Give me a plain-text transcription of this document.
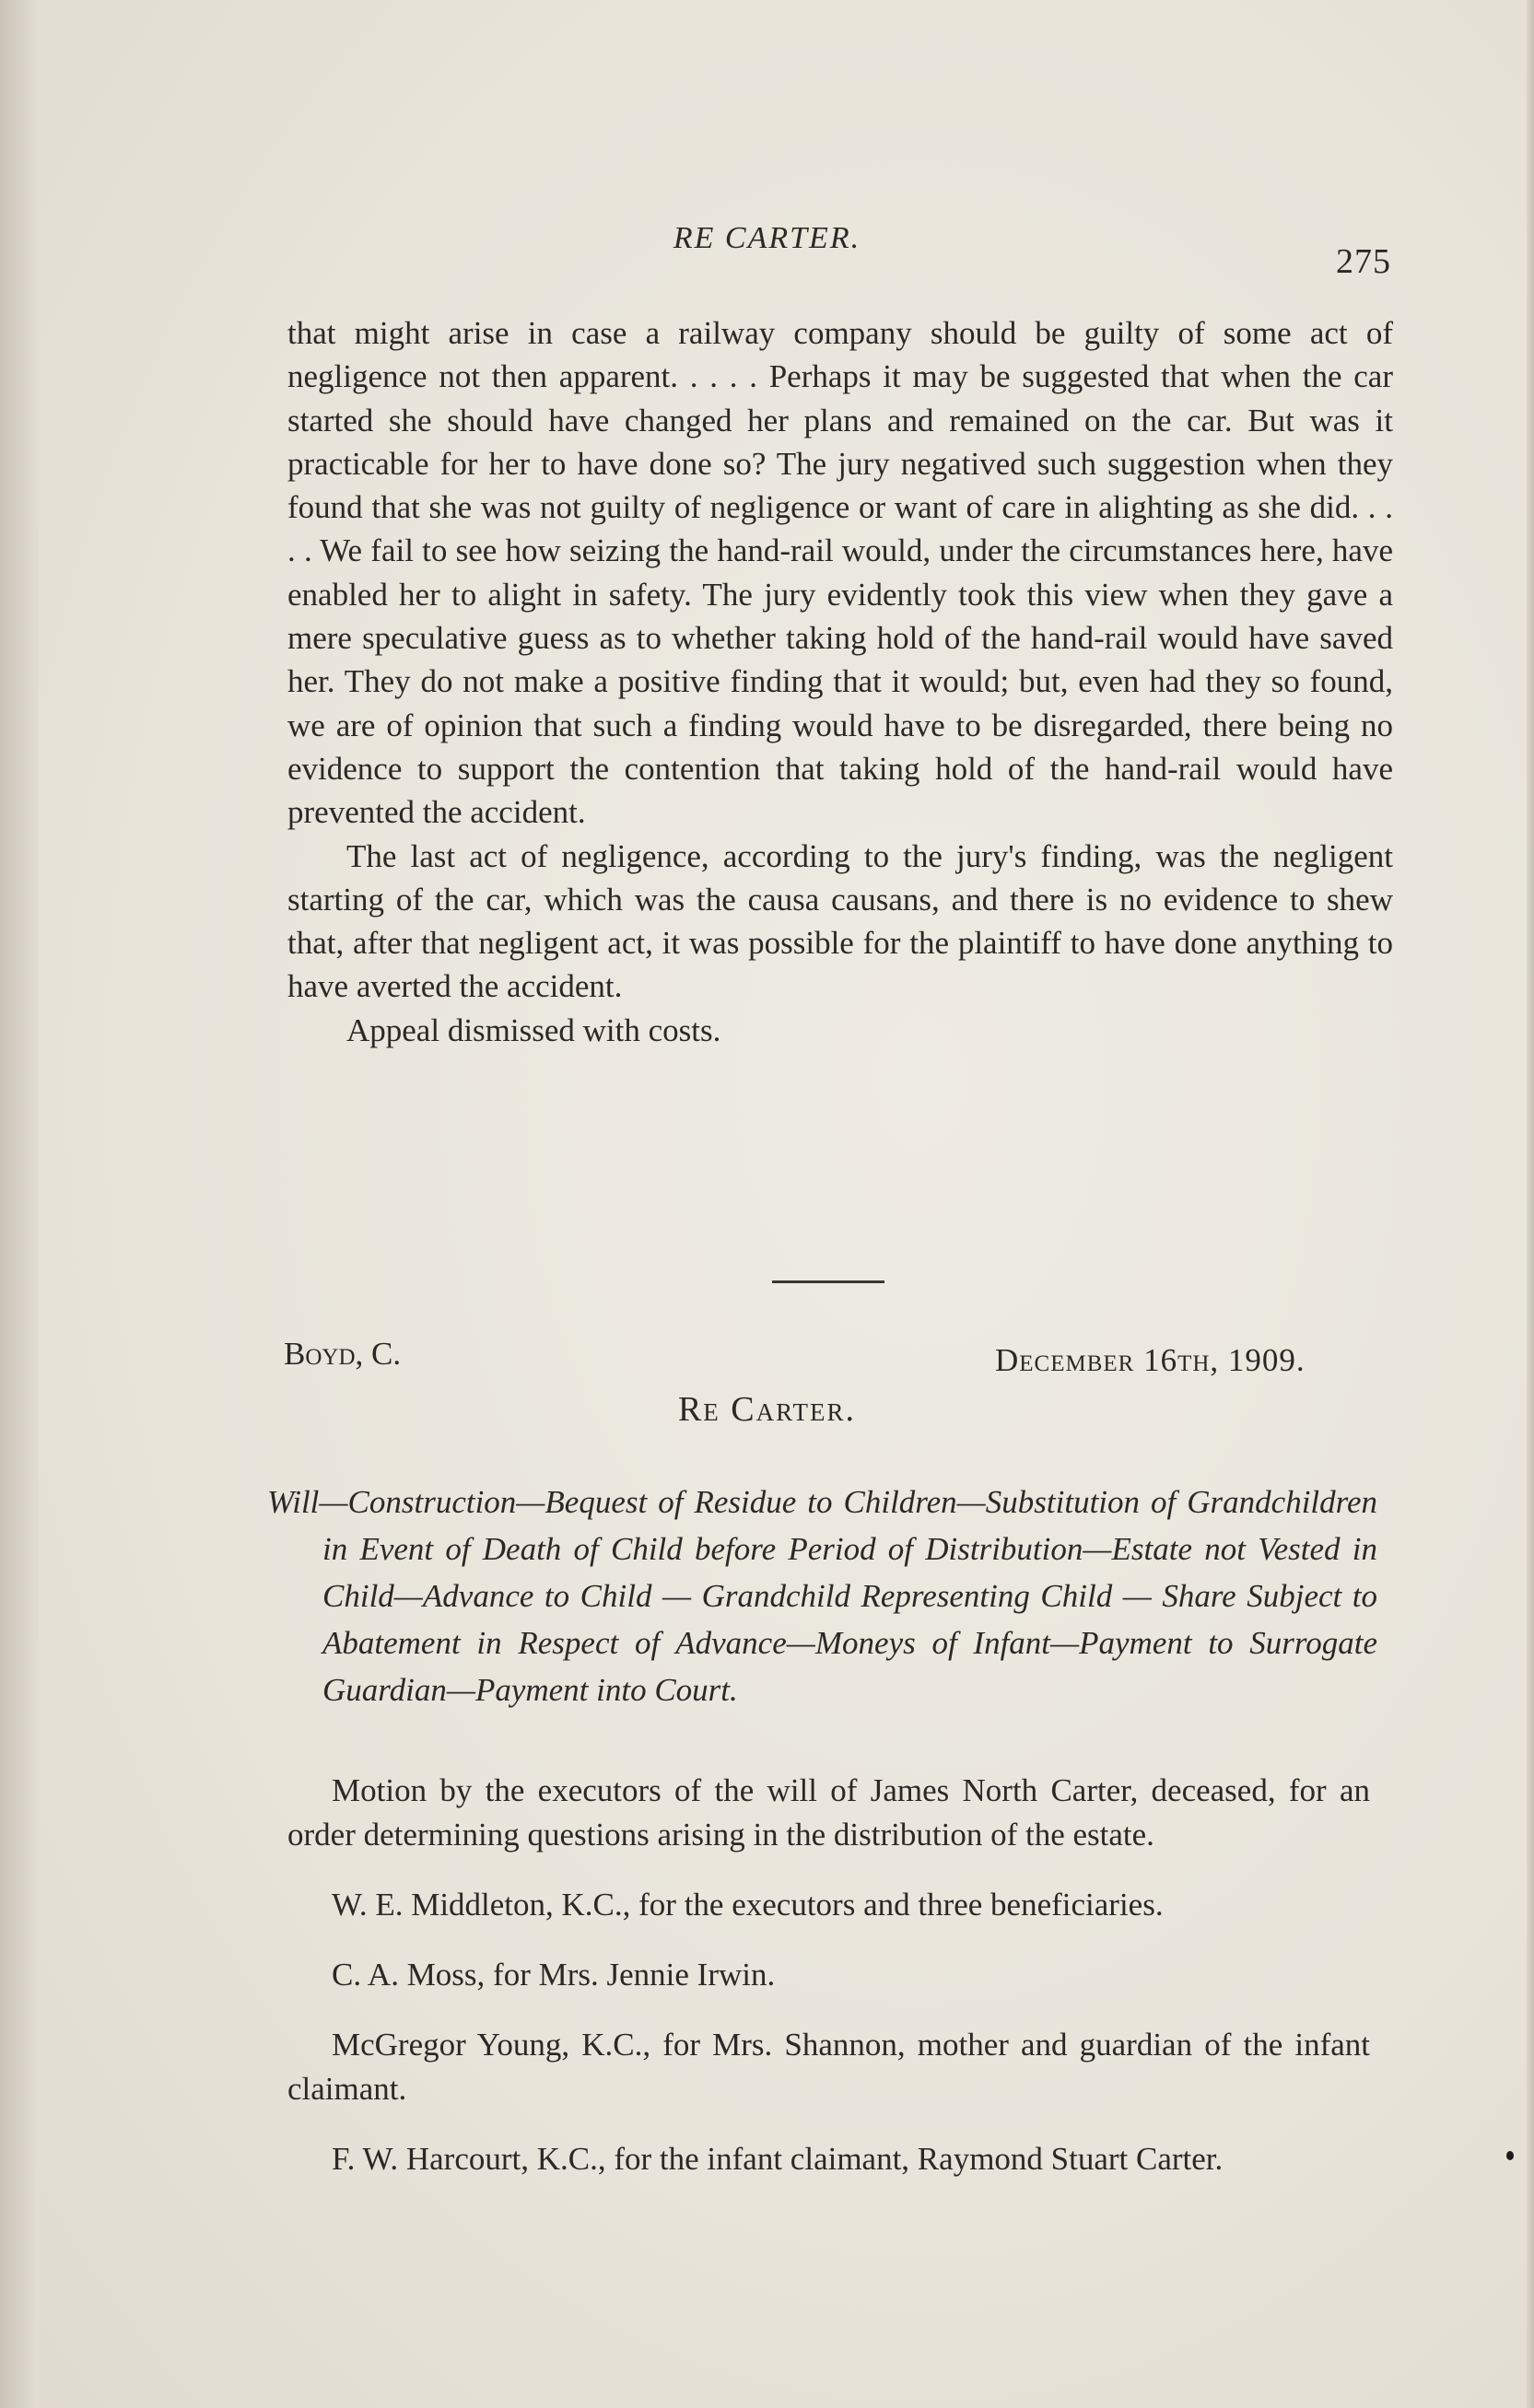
RE CARTER.
275

that might arise in case a railway company should be guilty of some act of negligence not then apparent. . . . . Perhaps it may be suggested that when the car started she should have changed her plans and remained on the car. But was it practicable for her to have done so? The jury negatived such suggestion when they found that she was not guilty of negligence or want of care in alighting as she did. . . . . We fail to see how seizing the hand-rail would, under the circumstances here, have enabled her to alight in safety. The jury evidently took this view when they gave a mere speculative guess as to whether taking hold of the hand-rail would have saved her. They do not make a positive finding that it would; but, even had they so found, we are of opinion that such a finding would have to be disregarded, there being no evidence to support the contention that taking hold of the hand-rail would have prevented the accident.

The last act of negligence, according to the jury's finding, was the negligent starting of the car, which was the causa causans, and there is no evidence to shew that, after that negligent act, it was possible for the plaintiff to have done anything to have averted the accident.

Appeal dismissed with costs.

Boyd, C.	December 16th, 1909.
Re Carter.

Will—Construction—Bequest of Residue to Children—Substitution of Grandchildren in Event of Death of Child before Period of Distribution—Estate not Vested in Child—Advance to Child — Grandchild Representing Child — Share Subject to Abatement in Respect of Advance—Moneys of Infant—Payment to Surrogate Guardian—Payment into Court.

Motion by the executors of the will of James North Carter, deceased, for an order determining questions arising in the distribution of the estate.

W. E. Middleton, K.C., for the executors and three beneficiaries.

C. A. Moss, for Mrs. Jennie Irwin.

McGregor Young, K.C., for Mrs. Shannon, mother and guardian of the infant claimant.

F. W. Harcourt, K.C., for the infant claimant, Raymond Stuart Carter.
